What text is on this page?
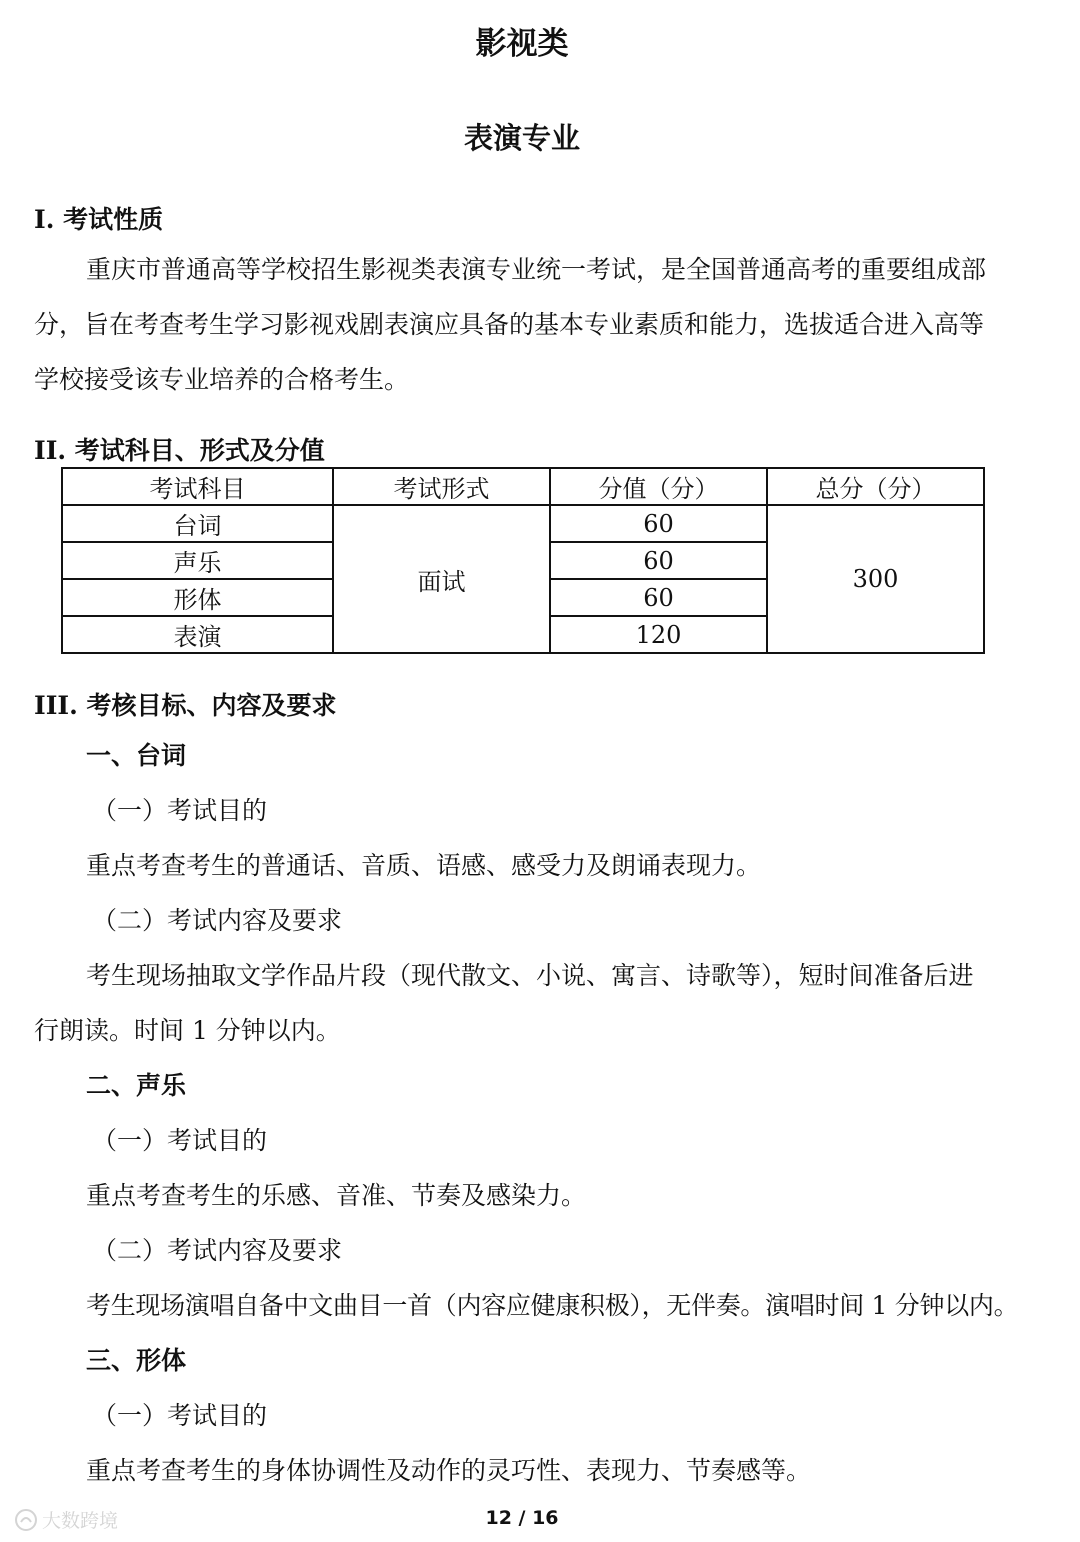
影视类
表演专业
I. 考试性质
重庆市普通高等学校招生影视类表演专业统一考试，是全国普通高考的重要组成部
分，旨在考查考生学习影视戏剧表演应具备的基本专业素质和能力，选拔适合进入高等
学校接受该专业培养的合格考生。
II. 考试科目、形式及分值
考试科目	考试形式	分值（分）	总分（分）
台词	面试	60	300
声乐		60	
形体		60	
表演		120	
III. 考核目标、内容及要求
一、台词
（一）考试目的
重点考查考生的普通话、音质、语感、感受力及朗诵表现力。
（二）考试内容及要求
考生现场抽取文学作品片段（现代散文、小说、寓言、诗歌等），短时间准备后进
行朗读。时间 1 分钟以内。
二、声乐
（一）考试目的
重点考查考生的乐感、音准、节奏及感染力。
（二）考试内容及要求
考生现场演唱自备中文曲目一首（内容应健康积极），无伴奏。演唱时间 1 分钟以内。
三、形体
（一）考试目的
重点考查考生的身体协调性及动作的灵巧性、表现力、节奏感等。
大数跨境	12 / 16
